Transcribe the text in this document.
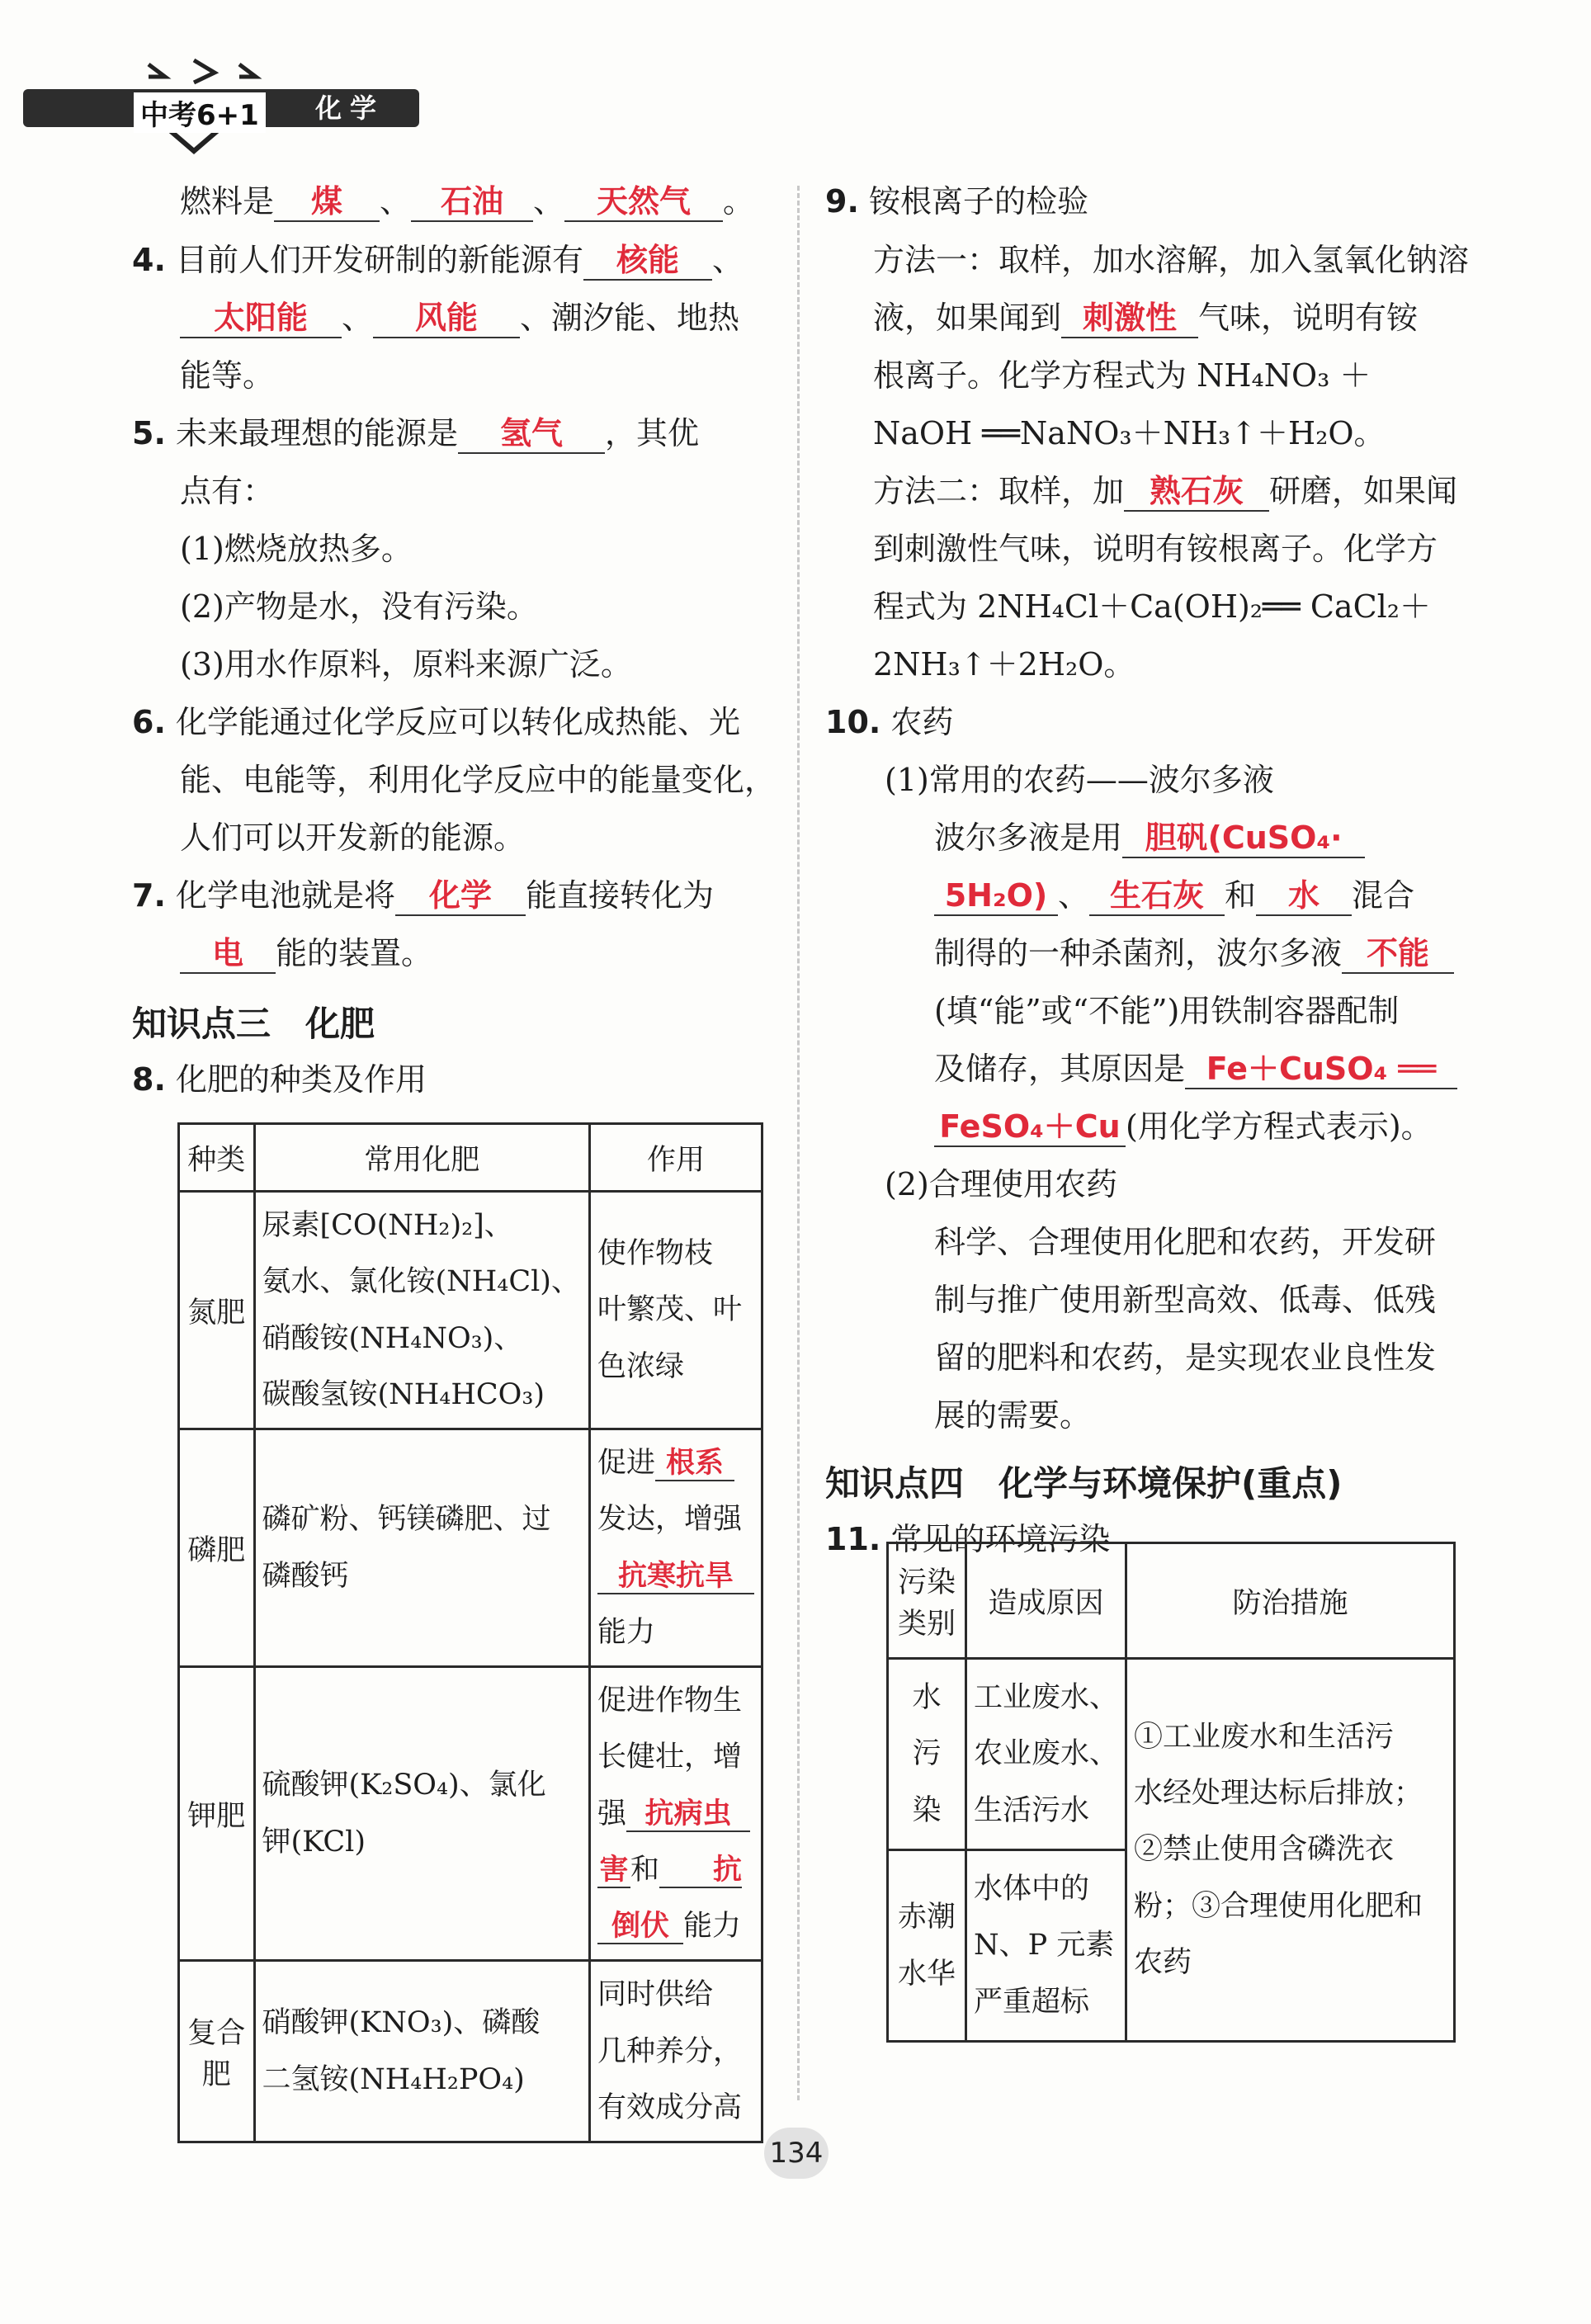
中考6+1	化学
燃料是 煤 、 石油 、 天然气 。
4. 目前人们开发研制的新能源有 核能 、
太阳能 、 风能 、潮汐能、地热
能等。
5. 未来最理想的能源是 氢气 ，其优
点有：
(1)燃烧放热多。
(2)产物是水，没有污染。
(3)用水作原料，原料来源广泛。
6. 化学能通过化学反应可以转化成热能、光
能、电能等，利用化学反应中的能量变化，
人们可以开发新的能源。
7. 化学电池就是将 化学 能直接转化为
电 能的装置。
知识点三　化肥
8. 化肥的种类及作用
种类	常用化肥	作用
氮肥	尿素[CO(NH₂)₂]、
氨水、氯化铵(NH₄Cl)、
硝酸铵(NH₄NO₃)、
碳酸氢铵(NH₄HCO₃)	使作物枝
叶繁茂、叶
色浓绿

磷肥	磷矿粉、钙镁磷肥、过
磷酸钙	促进 根系
发达，增强
抗寒抗旱
能力

钾肥	硫酸钾(K₂SO₄)、氯化
钾(KCl)	促进作物生
长健壮，增
强 抗病虫
害和 抗
倒伏 能力

复合肥	硝酸钾(KNO₃)、磷酸
二氢铵(NH₄H₂PO₄)	同时供给
几种养分，
有效成分高
9. 铵根离子的检验
方法一：取样，加水溶解，加入氢氧化钠溶
液，如果闻到 刺激性 气味，说明有铵
根离子。化学方程式为 NH₄NO₃ ＋
NaOH ══NaNO₃＋NH₃↑＋H₂O。
方法二：取样，加 熟石灰 研磨，如果闻
到刺激性气味，说明有铵根离子。化学方
程式为 2NH₄Cl＋Ca(OH)₂══ CaCl₂＋
2NH₃↑＋2H₂O。
10. 农药
(1)常用的农药——波尔多液
波尔多液是用 胆矾(CuSO₄·
5H₂O) 、 生石灰 和 水 混合
制得的一种杀菌剂，波尔多液 不能
(填“能”或“不能”)用铁制容器配制
及储存，其原因是 Fe＋CuSO₄ ══
FeSO₄＋Cu (用化学方程式表示)。
(2)合理使用农药
科学、合理使用化肥和农药，开发研
制与推广使用新型高效、低毒、低残
留的肥料和农药，是实现农业良性发
展的需要。
知识点四　化学与环境保护(重点)
11. 常见的环境污染
污染类别	造成原因	防治措施

水
污
染	工业废水、
农业废水、
生活污水	①工业废水和生活污
水经处理达标后排放；
②禁止使用含磷洗衣
粉；③合理使用化肥和
农药

赤潮
水华	水体中的
N、P 元素
严重超标	
134
